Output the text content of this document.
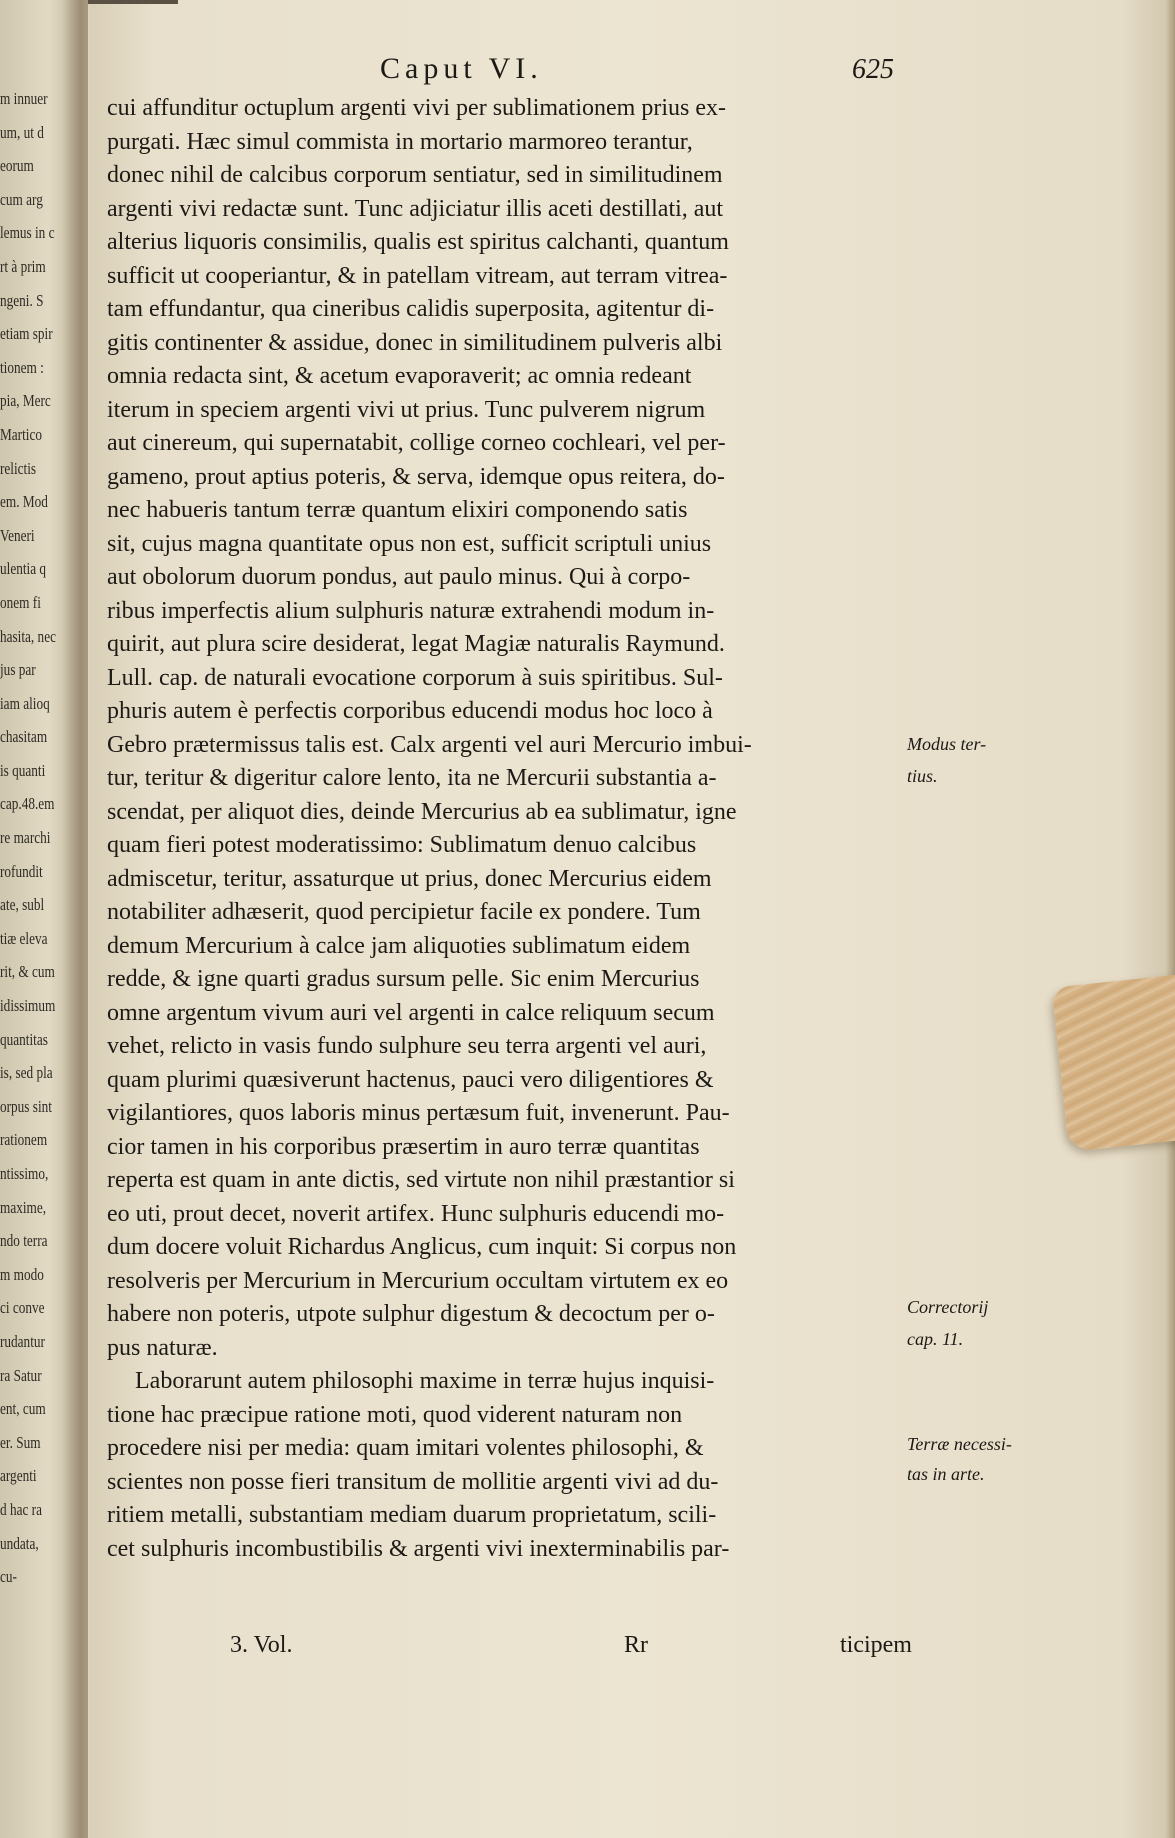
m innuer
um, ut d
eorum
cum arg
lemus in c
rt à prim
ngeni. S
etiam spir
tionem :
pia, Merc
Martico
relictis
em. Mod
Veneri
ulentia q
onem fi
hasita, nec
jus par
iam alioq
chasitam
is quanti
cap.48.em
re marchi
rofundit
ate, subl
tiæ eleva
rit, & cum
idissimum
quantitas
is, sed pla
orpus sint
rationem
ntissimo,
maxime,
ndo terra
m modo
ci conve
rudantur
ra Satur
ent, cum
er. Sum
argenti
d hac ra
undata,
cu-
Caput VI.	625
cui affunditur octuplum argenti vivi per sublimationem prius ex-
purgati. Hæc simul commista in mortario marmoreo terantur,
donec nihil de calcibus corporum sentiatur, sed in similitudinem
argenti vivi redactæ sunt. Tunc adjiciatur illis aceti destillati, aut
alterius liquoris consimilis, qualis est spiritus calchanti, quantum
sufficit ut cooperiantur, & in patellam vitream, aut terram vitrea-
tam effundantur, qua cineribus calidis superposita, agitentur di-
gitis continenter & assidue, donec in similitudinem pulveris albi
omnia redacta sint, & acetum evaporaverit; ac omnia redeant
iterum in speciem argenti vivi ut prius. Tunc pulverem nigrum
aut cinereum, qui supernatabit, collige corneo cochleari, vel per-
gameno, prout aptius poteris, & serva, idemque opus reitera, do-
nec habueris tantum terræ quantum elixiri componendo satis
sit, cujus magna quantitate opus non est, sufficit scriptuli unius
aut obolorum duorum pondus, aut paulo minus. Qui à corpo-
ribus imperfectis alium sulphuris naturæ extrahendi modum in-
quirit, aut plura scire desiderat, legat Magiæ naturalis Raymund.
Lull. cap. de naturali evocatione corporum à suis spiritibus. Sul-
phuris autem è perfectis corporibus educendi modus hoc loco à
Gebro prætermissus talis est. Calx argenti vel auri Mercurio imbui-
tur, teritur & digeritur calore lento, ita ne Mercurii substantia a-
scendat, per aliquot dies, deinde Mercurius ab ea sublimatur, igne
quam fieri potest moderatissimo: Sublimatum denuo calcibus
admiscetur, teritur, assaturque ut prius, donec Mercurius eidem
notabiliter adhæserit, quod percipietur facile ex pondere. Tum
demum Mercurium à calce jam aliquoties sublimatum eidem
redde, & igne quarti gradus sursum pelle. Sic enim Mercurius
omne argentum vivum auri vel argenti in calce reliquum secum
vehet, relicto in vasis fundo sulphure seu terra argenti vel auri,
quam plurimi quæsiverunt hactenus, pauci vero diligentiores &
vigilantiores, quos laboris minus pertæsum fuit, invenerunt. Pau-
cior tamen in his corporibus præsertim in auro terræ quantitas
reperta est quam in ante dictis, sed virtute non nihil præstantior si
eo uti, prout decet, noverit artifex. Hunc sulphuris educendi mo-
dum docere voluit Richardus Anglicus, cum inquit: Si corpus non
resolveris per Mercurium in Mercurium occultam virtutem ex eo
habere non poteris, utpote sulphur digestum & decoctum per o-
pus naturæ.
Laborarunt autem philosophi maxime in terræ hujus inquisi-
tione hac præcipue ratione moti, quod viderent naturam non
procedere nisi per media: quam imitari volentes philosophi, &
scientes non posse fieri transitum de mollitie argenti vivi ad du-
ritiem metalli, substantiam mediam duarum proprietatum, scili-
cet sulphuris incombustibilis & argenti vivi inexterminabilis par-
Modus ter-
tius.
Correctorij
cap. 11.
Terræ necessi-
tas in arte.
3. Vol.	Rr	ticipem
